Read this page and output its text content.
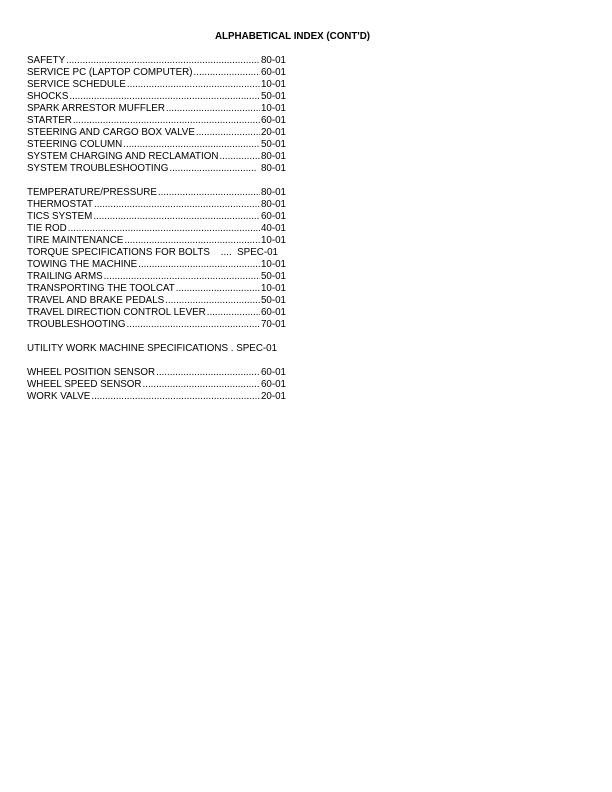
ALPHABETICAL INDEX (CONT'D)
SAFETY .....	80-01
SERVICE PC (LAPTOP COMPUTER) .....	60-01
SERVICE SCHEDULE .....	10-01
SHOCKS .....	50-01
SPARK ARRESTOR MUFFLER .....	10-01
STARTER .....	60-01
STEERING AND CARGO BOX VALVE .....	20-01
STEERING COLUMN .....	50-01
SYSTEM CHARGING AND RECLAMATION .....	80-01
SYSTEM TROUBLESHOOTING .....	80-01
TEMPERATURE/PRESSURE .....	80-01
THERMOSTAT .....	80-01
TICS SYSTEM .....	60-01
TIE ROD .....	40-01
TIRE MAINTENANCE .....	10-01
TORQUE SPECIFICATIONS FOR BOLTS .... SPEC-01
TOWING THE MACHINE .....	10-01
TRAILING ARMS .....	50-01
TRANSPORTING THE TOOLCAT .....	10-01
TRAVEL AND BRAKE PEDALS .....	50-01
TRAVEL DIRECTION CONTROL LEVER .....	60-01
TROUBLESHOOTING .....	70-01
UTILITY WORK MACHINE SPECIFICATIONS . SPEC-01
WHEEL POSITION SENSOR .....	60-01
WHEEL SPEED SENSOR .....	60-01
WORK VALVE .....	20-01
